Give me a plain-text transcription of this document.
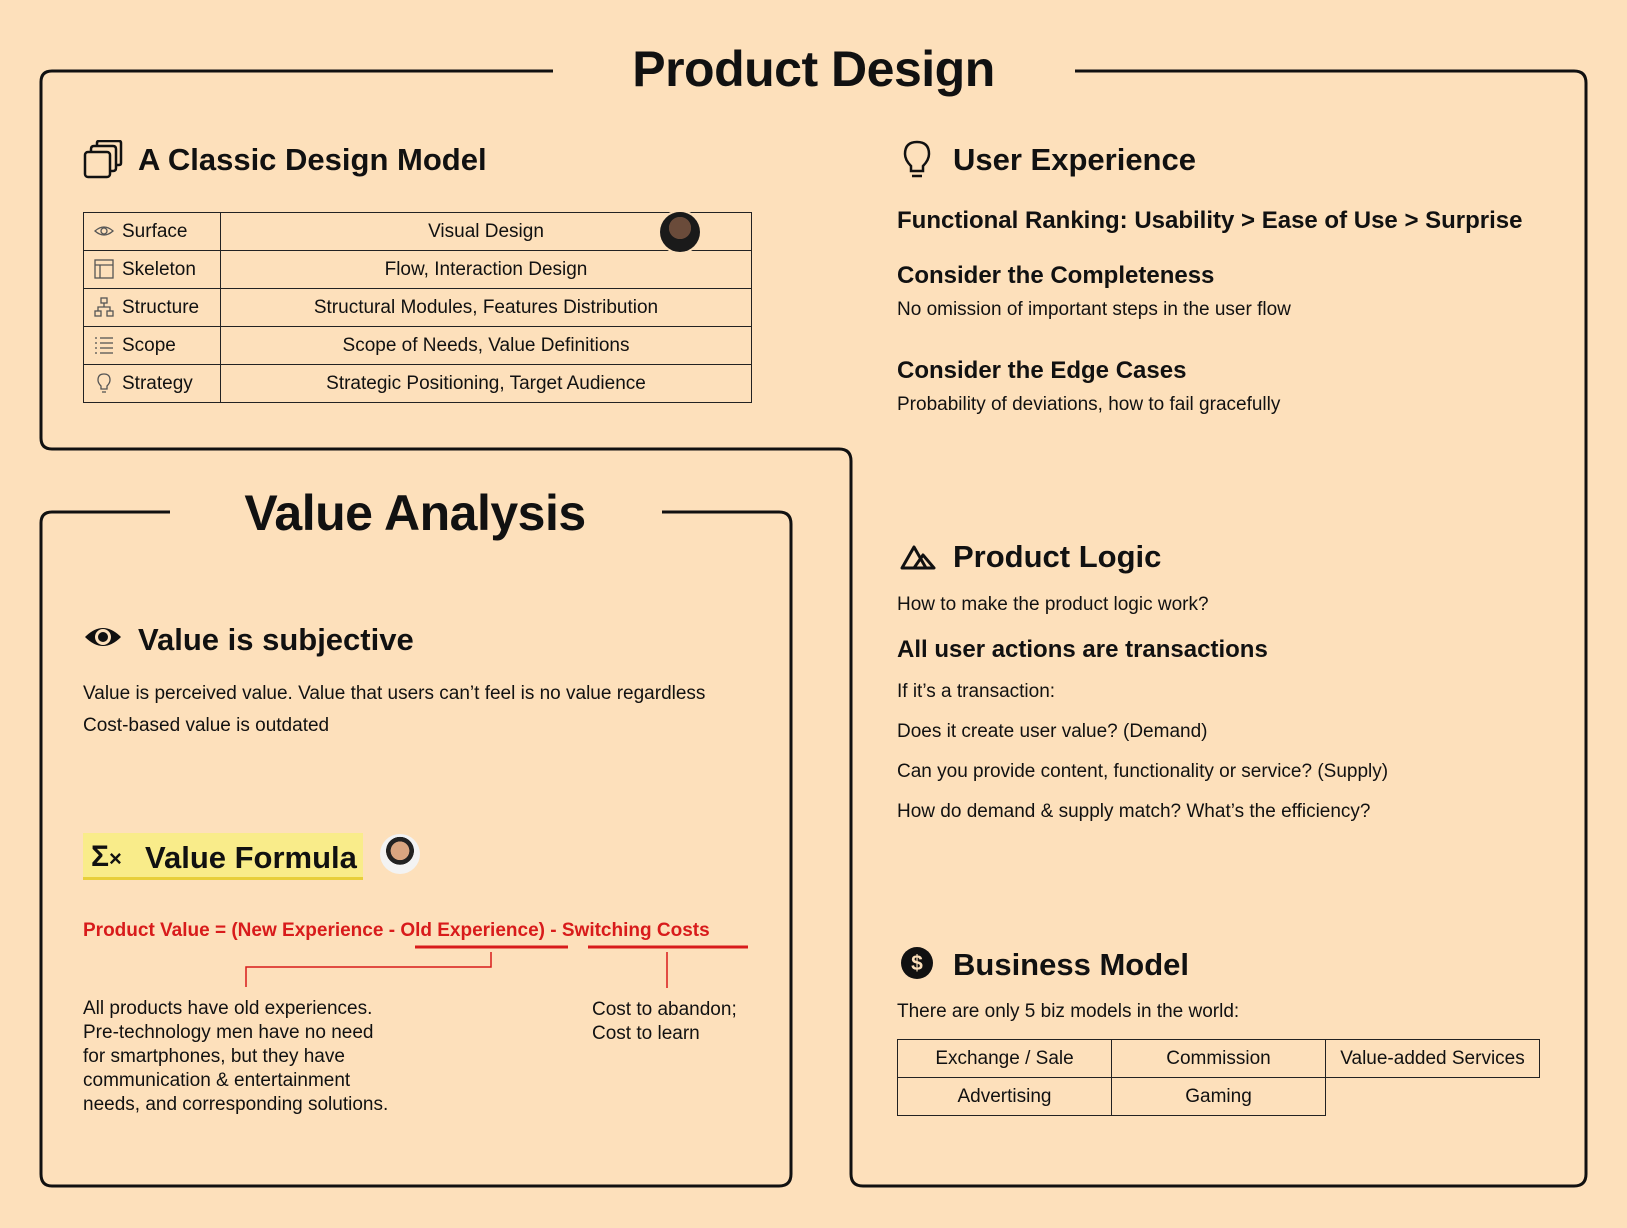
Product Design
A Classic Design Model
Surface	Visual Design
Skeleton	Flow, Interaction Design
Structure	Structural Modules, Features Distribution
Scope	Scope of Needs, Value Definitions
Strategy	Strategic Positioning, Target Audience
User Experience
Functional Ranking: Usability > Ease of Use > Surprise
Consider the Completeness
No omission of important steps in the user flow
Consider the Edge Cases
Probability of deviations, how to fail gracefully
Value Analysis
Value is subjective
Value is perceived value. Value that users can’t feel is no value regardless
Cost-based value is outdated
Σ× Value Formula
Product Value = (New Experience - Old Experience) - Switching Costs
All products have old experiences.
Pre-technology men have no need
for smartphones, but they have
communication & entertainment
needs, and corresponding solutions.
Cost to abandon;
Cost to learn
Product Logic
How to make the product logic work?
All user actions are transactions
If it’s a transaction:
Does it create user value? (Demand)
Can you provide content, functionality or service? (Supply)
How do demand & supply match? What’s the efficiency?
$ Business Model
There are only 5 biz models in the world:
Exchange / Sale	Commission	Value-added Services
Advertising	Gaming	
